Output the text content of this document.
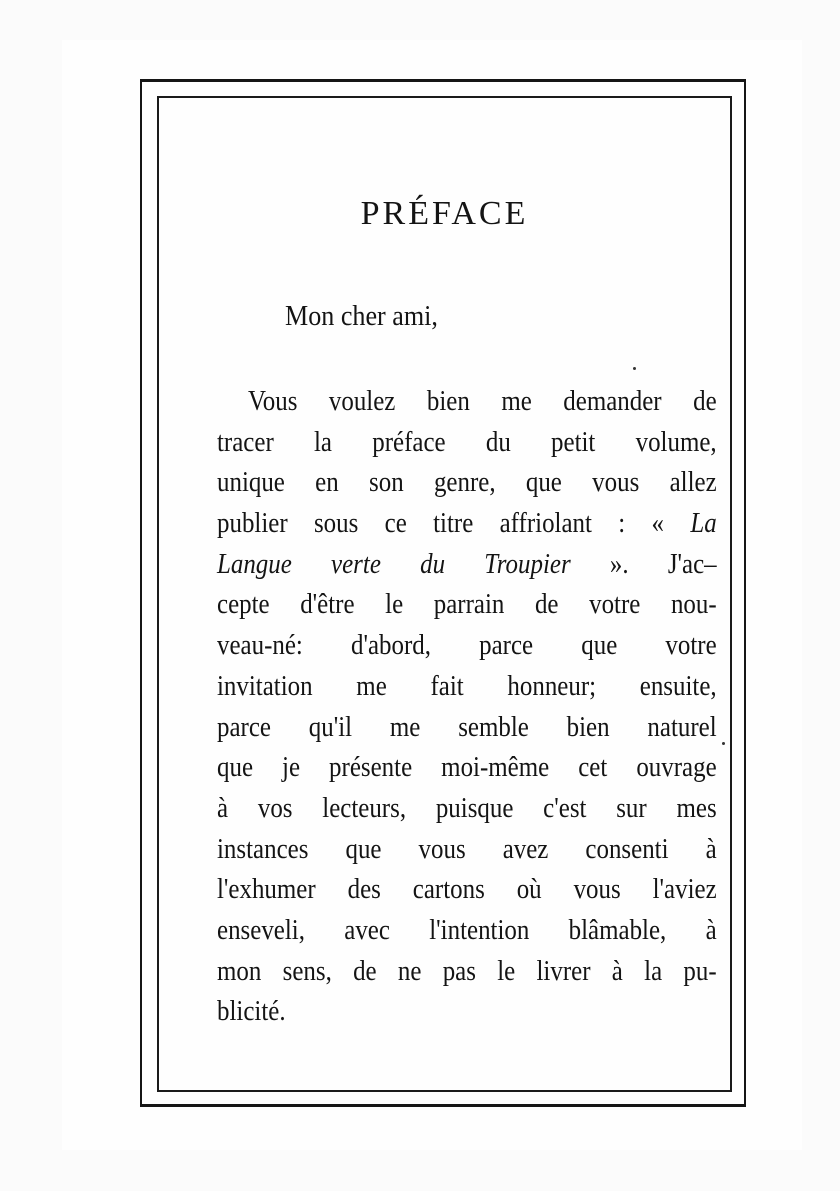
PRÉFACE

Mon cher ami,

Vous voulez bien me demander de
tracer la préface du petit volume,
unique en son genre, que vous allez
publier sous ce titre affriolant : « La
Langue verte du Troupier ». J'ac–
cepte d'être le parrain de votre nou-
veau-né: d'abord, parce que votre
invitation me fait honneur; ensuite,
parce qu'il me semble bien naturel
que je présente moi-même cet ouvrage
à vos lecteurs, puisque c'est sur mes
instances que vous avez consenti à
l'exhumer des cartons où vous l'aviez
enseveli, avec l'intention blâmable, à
mon sens, de ne pas le livrer à la pu-
blicité.
